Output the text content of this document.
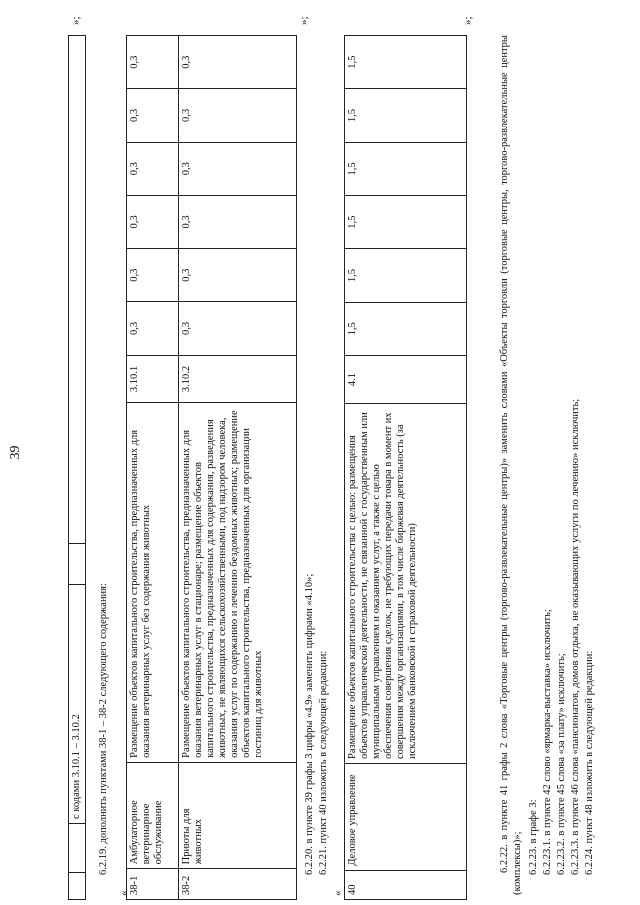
39
		с кодами 3.10.1 – 3.10.2		
»;
6.2.19. дополнить пунктами 38-1 – 38-2 следующего содержания:
« 38-1	Амбулаторное ветеринарное обслуживание	Размещение объектов капитального строительства, предназначенных для оказания ветеринарных услуг без содержания животных	3.10.1	0,3	0,3	0,3	0,3	0,3	0,3
38-2	Приюты для животных	Размещение объектов капитального строительства, предназначенных для оказания ветеринарных услуг в стационаре; размещение объектов капитального строительства, предназначенных для содержания, разведения животных, не являющихся сельскохозяйственными, под надзором человека, оказания услуг по содержанию и лечению бездомных животных; размещение объектов капитального строительства, предназначенных для организации гостиниц для животных	3.10.2	0,3	0,3	0,3	0,3	0,3	0,3
»;
6.2.20. в пункте 39 графы 3 цифры «4.9» заменить цифрами «4.10»; 6.2.21. пункт 40 изложить в следующей редакции:
« 40	Деловое управление	Размещение объектов капитального строительства с целью: размещения объектов управленческой деятельности, не связанной с государственным или муниципальным управлением и оказанием услуг, а также с целью обеспечения совершения сделок, не требующих передачи товара в момент их совершения между организациями, в том числе биржевая деятельность (за исключением банковской и страховой деятельности)	4.1	1,5	1,5	1,5	1,5	1,5	1,5
»;
6.2.22. в пункте 41 графы 2 слова «Торговые центры (торгово-развлекательные центры)» заменить словами «Объекты торговли (торговые центры, торгово-развлекательные центры (комплексы)»; 6.2.23. в графе 3: 6.2.23.1. в пункте 42 слово «ярмарка-выставка» исключить; 6.2.23.2. в пункте 45 слова «за плату» исключить; 6.2.23.3. в пункте 46 слова «пансионатов, домов отдыха, не оказывающих услуги по лечению» исключить; 6.2.24. пункт 48 изложить в следующей редакции:
